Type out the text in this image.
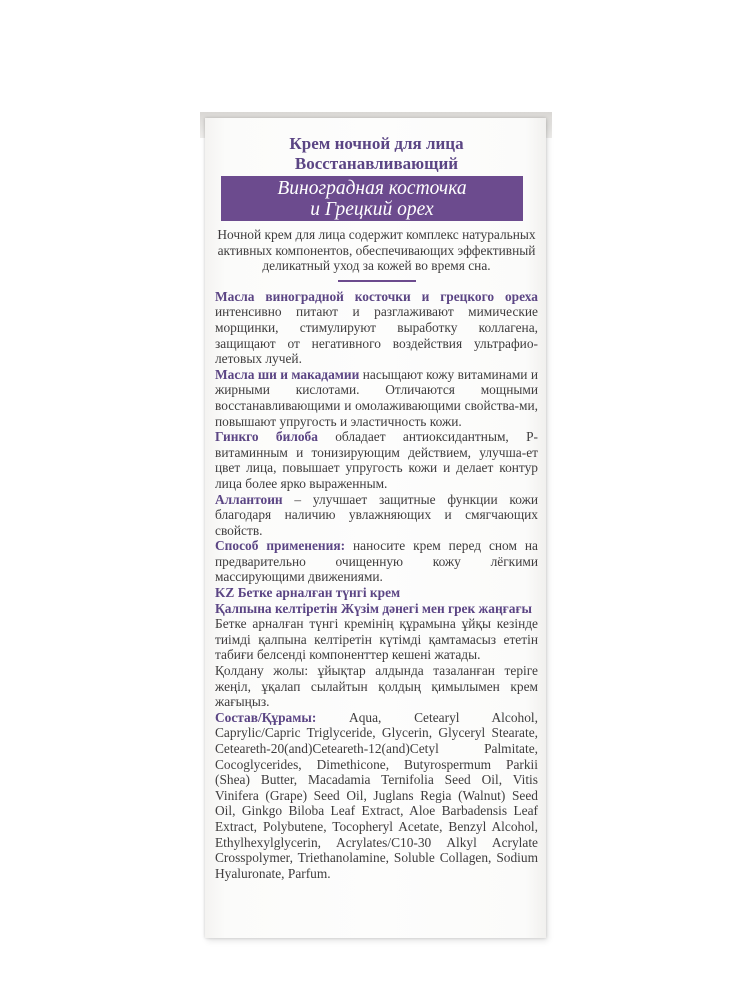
Крем ночной для лица
Восстанавливающий
Виноградная косточка
и Грецкий орех
Ночной крем для лица содержит комплекс натуральных активных компонентов, обеспечивающих эффективный деликатный уход за кожей во время сна.

Масла виноградной косточки и грецкого ореха интенсивно питают и разглаживают мимические морщинки, стимулируют выработку коллагена, защищают от негативного воздействия ультрафио-летовых лучей.

Масла ши и макадамии насыщают кожу витаминами и жирными кислотами. Отличаются мощными восстанавливающими и омолаживающими свойства-ми, повышают упругость и эластичность кожи.

Гинкго билоба обладает антиоксидантным, Р-витаминным и тонизирующим действием, улучша-ет цвет лица, повышает упругость кожи и делает контур лица более ярко выраженным.

Аллантоин – улучшает защитные функции кожи благодаря наличию увлажняющих и смягчающих свойств.

Способ применения: наносите крем перед сном на предварительно очищенную кожу лёгкими массирующими движениями.

KZ Бетке арналған түнгі крем
Қалпына келтіретін Жүзім дәнегі мен грек жаңғағы

Бетке арналған түнгі кремінің құрамына ұйқы кезінде тиімді қалпына келтіретін күтімді қамтамасыз ететін табиғи белсенді компоненттер кешені жатады.

Қолдану жолы: ұйықтар алдында тазаланған теріге жеңіл, ұқалап сылайтын қолдың қимылымен крем жағыңыз.

Состав/Құрамы: Aqua, Cetearyl Alcohol, Caprylic/Capric Triglyceride, Glycerin, Glyceryl Stearate, Ceteareth-20(and)Ceteareth-12(and)Cetyl Palmitate, Cocoglycerides, Dimethicone, Butyrospermum Parkii (Shea) Butter, Macadamia Ternifolia Seed Oil, Vitis Vinifera (Grape) Seed Oil, Juglans Regia (Walnut) Seed Oil, Ginkgo Biloba Leaf Extract, Aloe Barbadensis Leaf Extract, Polybutene, Tocopheryl Acetate, Benzyl Alcohol, Ethylhexylglycerin, Acrylates/C10-30 Alkyl Acrylate Crosspolymer, Triethanolamine, Soluble Collagen, Sodium Hyaluronate, Parfum.
